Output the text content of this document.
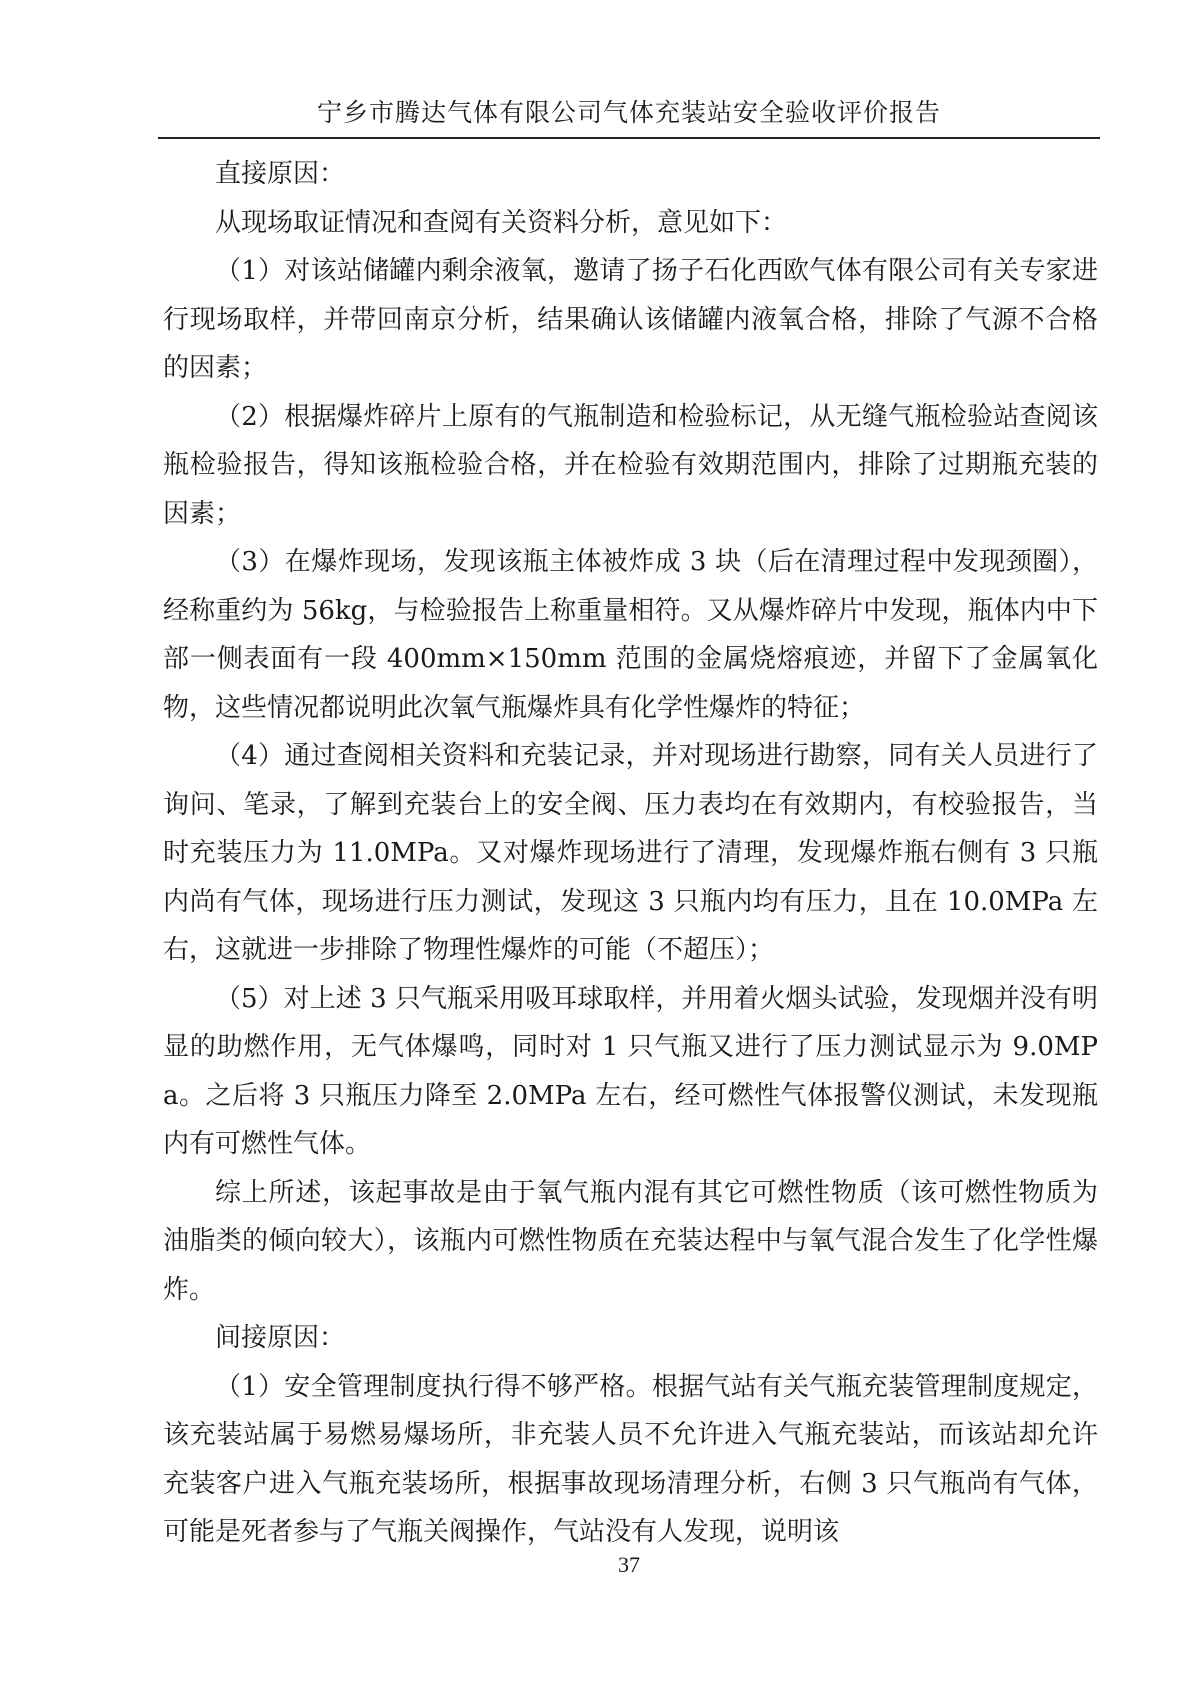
宁乡市腾达气体有限公司气体充装站安全验收评价报告

直接原因：

从现场取证情况和查阅有关资料分析，意见如下：

（1）对该站储罐内剩余液氧，邀请了扬子石化西欧气体有限公司有关专家进行现场取样，并带回南京分析，结果确认该储罐内液氧合格，排除了气源不合格的因素；

（2）根据爆炸碎片上原有的气瓶制造和检验标记，从无缝气瓶检验站查阅该瓶检验报告，得知该瓶检验合格，并在检验有效期范围内，排除了过期瓶充装的因素；

（3）在爆炸现场，发现该瓶主体被炸成 3 块（后在清理过程中发现颈圈），经称重约为 56kg，与检验报告上称重量相符。又从爆炸碎片中发现，瓶体内中下部一侧表面有一段 400mm×150mm 范围的金属烧熔痕迹，并留下了金属氧化物，这些情况都说明此次氧气瓶爆炸具有化学性爆炸的特征；

（4）通过查阅相关资料和充装记录，并对现场进行勘察，同有关人员进行了询问、笔录，了解到充装台上的安全阀、压力表均在有效期内，有校验报告，当时充装压力为 11.0MPa。又对爆炸现场进行了清理，发现爆炸瓶右侧有 3 只瓶内尚有气体，现场进行压力测试，发现这 3 只瓶内均有压力，且在 10.0MPa 左右，这就进一步排除了物理性爆炸的可能（不超压）；

（5）对上述 3 只气瓶采用吸耳球取样，并用着火烟头试验，发现烟并没有明显的助燃作用，无气体爆鸣，同时对 1 只气瓶又进行了压力测试显示为 9.0MPa。之后将 3 只瓶压力降至 2.0MPa 左右，经可燃性气体报警仪测试，未发现瓶内有可燃性气体。

综上所述，该起事故是由于氧气瓶内混有其它可燃性物质（该可燃性物质为油脂类的倾向较大），该瓶内可燃性物质在充装达程中与氧气混合发生了化学性爆炸。

间接原因：

（1）安全管理制度执行得不够严格。根据气站有关气瓶充装管理制度规定，该充装站属于易燃易爆场所，非充装人员不允许进入气瓶充装站，而该站却允许充装客户进入气瓶充装场所，根据事故现场清理分析，右侧 3 只气瓶尚有气体，可能是死者参与了气瓶关阀操作，气站没有人发现，说明该

37
